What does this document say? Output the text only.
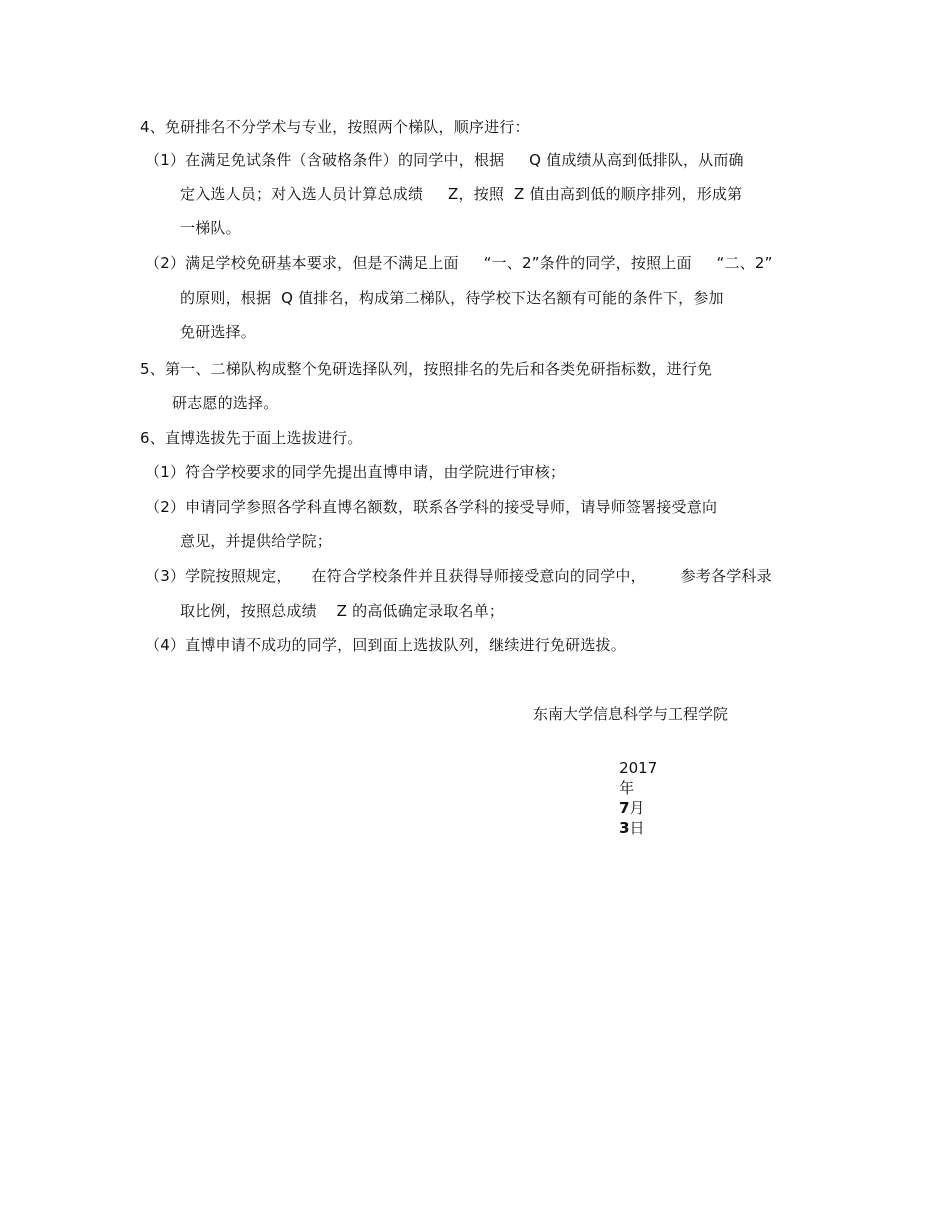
4、免研排名不分学术与专业，按照两个梯队，顺序进行：
（1）在满足免试条件（含破格条件）的同学中，根据     Q 值成绩从高到低排队，从而确
定入选人员；对入选人员计算总成绩     Z，按照  Z 值由高到低的顺序排列，形成第
一梯队。
（2）满足学校免研基本要求，但是不满足上面     “一、2”条件的同学，按照上面     “二、2”
的原则，根据  Q 值排名，构成第二梯队，待学校下达名额有可能的条件下，参加
免研选择。
5、第一、二梯队构成整个免研选择队列，按照排名的先后和各类免研指标数，进行免
研志愿的选择。
6、直博选拔先于面上选拔进行。
（1）符合学校要求的同学先提出直博申请，由学院进行审核；
（2）申请同学参照各学科直博名额数，联系各学科的接受导师，请导师签署接受意向
意见，并提供给学院；
（3）学院按照规定，    在符合学校条件并且获得导师接受意向的同学中，       参考各学科录
取比例，按照总成绩    Z 的高低确定录取名单；
（4）直博申请不成功的同学，回到面上选拔队列，继续进行免研选拔。
东南大学信息科学与工程学院

2017
年
7月
3日
